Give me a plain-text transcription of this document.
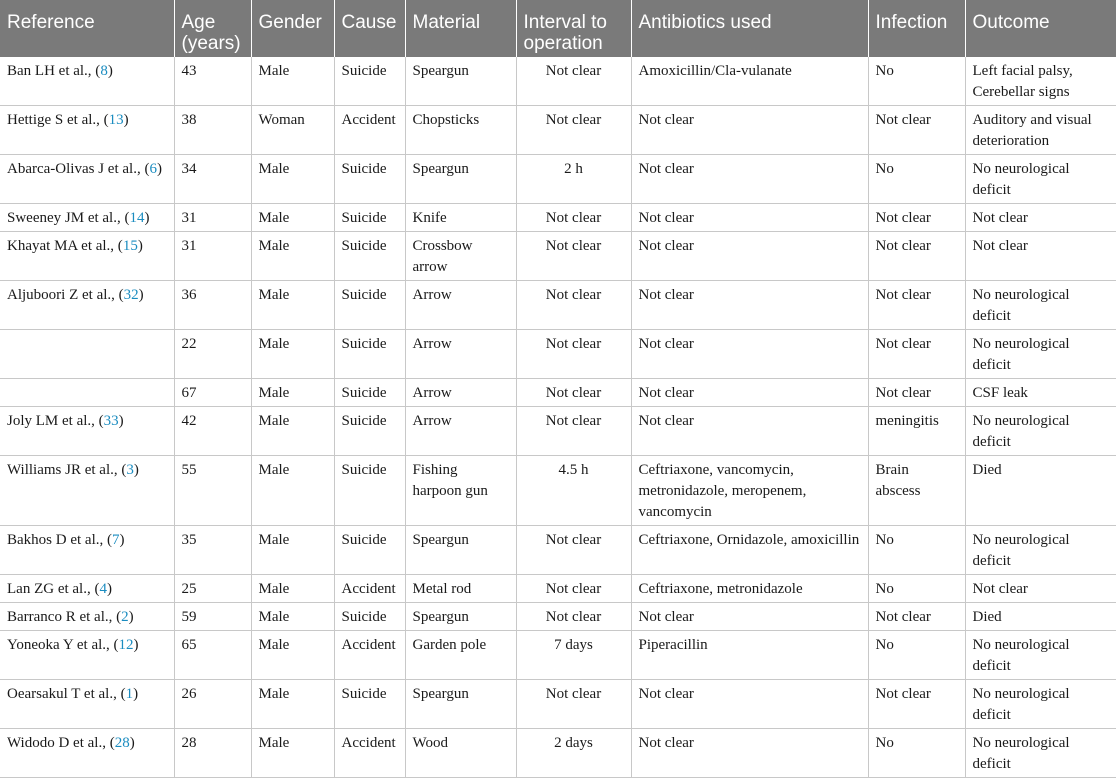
Reference	Age (years)	Gender	Cause	Material	Interval to operation	Antibiotics used	Infection	Outcome
Ban LH et al., (8)	43	Male	Suicide	Speargun	Not clear	Amoxicillin/Cla-vulanate	No	Left facial palsy, Cerebellar signs
Hettige S et al., (13)	38	Woman	Accident	Chopsticks	Not clear	Not clear	Not clear	Auditory and visual deterioration
Abarca-Olivas J et al., (6)	34	Male	Suicide	Speargun	2 h	Not clear	No	No neurological deficit
Sweeney JM et al., (14)	31	Male	Suicide	Knife	Not clear	Not clear	Not clear	Not clear
Khayat MA et al., (15)	31	Male	Suicide	Crossbow arrow	Not clear	Not clear	Not clear	Not clear
Aljuboori Z et al., (32)	36	Male	Suicide	Arrow	Not clear	Not clear	Not clear	No neurological deficit
	22	Male	Suicide	Arrow	Not clear	Not clear	Not clear	No neurological deficit
	67	Male	Suicide	Arrow	Not clear	Not clear	Not clear	CSF leak
Joly LM et al., (33)	42	Male	Suicide	Arrow	Not clear	Not clear	meningitis	No neurological deficit
Williams JR et al., (3)	55	Male	Suicide	Fishing harpoon gun	4.5 h	Ceftriaxone, vancomycin, metronidazole, meropenem, vancomycin	Brain abscess	Died
Bakhos D et al., (7)	35	Male	Suicide	Speargun	Not clear	Ceftriaxone, Ornidazole, amoxicillin	No	No neurological deficit
Lan ZG et al., (4)	25	Male	Accident	Metal rod	Not clear	Ceftriaxone, metronidazole	No	Not clear
Barranco R et al., (2)	59	Male	Suicide	Speargun	Not clear	Not clear	Not clear	Died
Yoneoka Y et al., (12)	65	Male	Accident	Garden pole	7 days	Piperacillin	No	No neurological deficit
Oearsakul T et al., (1)	26	Male	Suicide	Speargun	Not clear	Not clear	Not clear	No neurological deficit
Widodo D et al., (28)	28	Male	Accident	Wood	2 days	Not clear	No	No neurological deficit
